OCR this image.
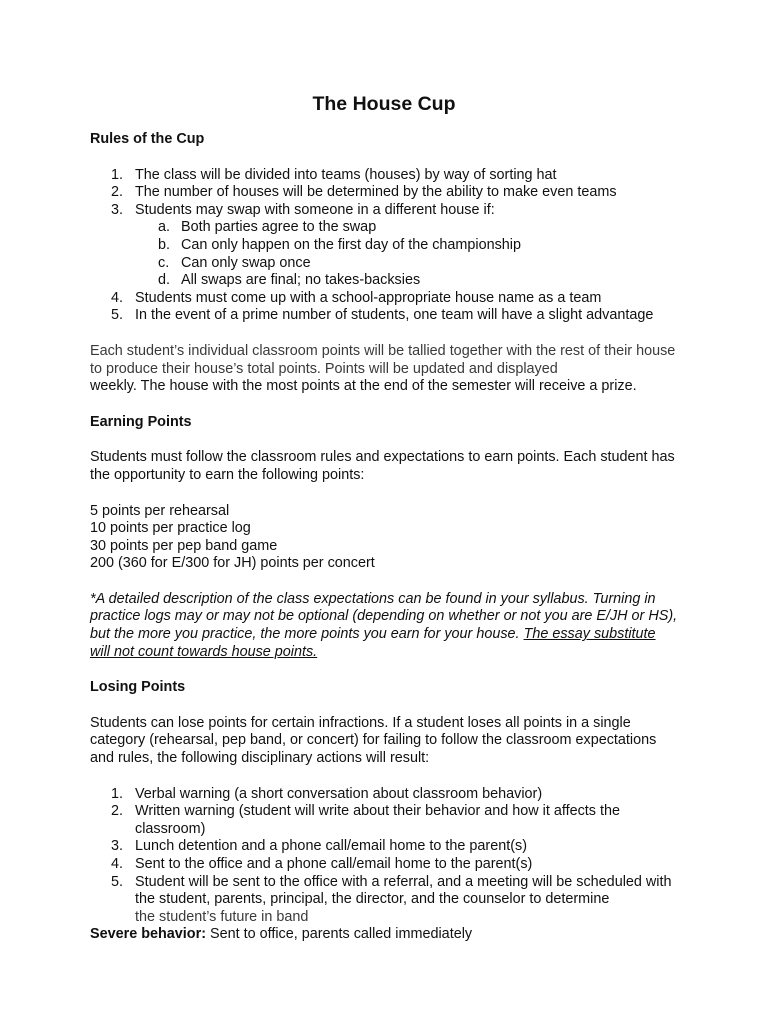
The House Cup
Rules of the Cup
1. The class will be divided into teams (houses) by way of sorting hat
2. The number of houses will be determined by the ability to make even teams
3. Students may swap with someone in a different house if:
a. Both parties agree to the swap
b. Can only happen on the first day of the championship
c. Can only swap once
d. All swaps are final; no takes-backsies
4. Students must come up with a school-appropriate house name as a team
5. In the event of a prime number of students, one team will have a slight advantage

Each student’s individual classroom points will be tallied together with the rest of their house to produce their house’s total points. Points will be updated and displayed
weekly. The house with the most points at the end of the semester will receive a prize.

Earning Points

Students must follow the classroom rules and expectations to earn points. Each student has the opportunity to earn the following points:

5 points per rehearsal

10 points per practice log

30 points per pep band game

200 (360 for E/300 for JH) points per concert

*A detailed description of the class expectations can be found in your syllabus. Turning in practice logs may or may not be optional (depending on whether or not you are E/JH or HS), but the more you practice, the more points you earn for your house. The essay substitute will not count towards house points.

Losing Points

Students can lose points for certain infractions. If a student loses all points in a single category (rehearsal, pep band, or concert) for failing to follow the classroom expectations and rules, the following disciplinary actions will result:

1. Verbal warning (a short conversation about classroom behavior)
2. Written warning (student will write about their behavior and how it affects the classroom)
3. Lunch detention and a phone call/email home to the parent(s)
4. Sent to the office and a phone call/email home to the parent(s)
5. Student will be sent to the office with a referral, and a meeting will be scheduled with the student, parents, principal, the director, and the counselor to determine
the student’s future in band

Severe behavior: Sent to office, parents called immediately
